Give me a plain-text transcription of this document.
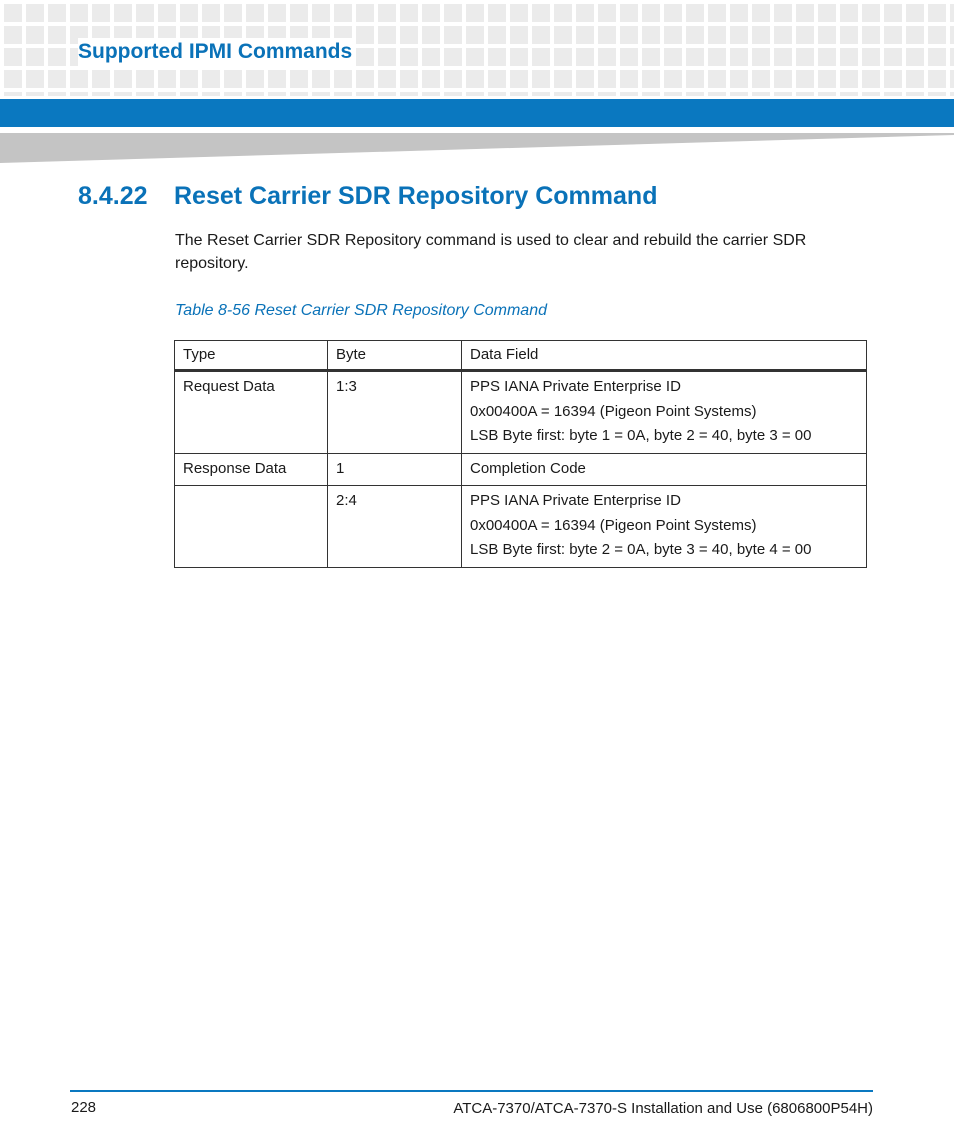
Supported IPMI Commands
8.4.22 Reset Carrier SDR Repository Command
The Reset Carrier SDR Repository command is used to clear and rebuild the carrier SDR repository.
Table 8-56 Reset Carrier SDR Repository Command
Type	Byte	Data Field
Request Data	1:3	PPS IANA Private Enterprise ID
0x00400A = 16394 (Pigeon Point Systems)
LSB Byte first: byte 1 = 0A, byte 2 = 40, byte 3 = 00

Response Data	1	Completion Code

	2:4	PPS IANA Private Enterprise ID
0x00400A = 16394 (Pigeon Point Systems)
LSB Byte first: byte 2 = 0A, byte 3 = 40, byte 4 = 00
228	ATCA-7370/ATCA-7370-S Installation and Use (6806800P54H)
